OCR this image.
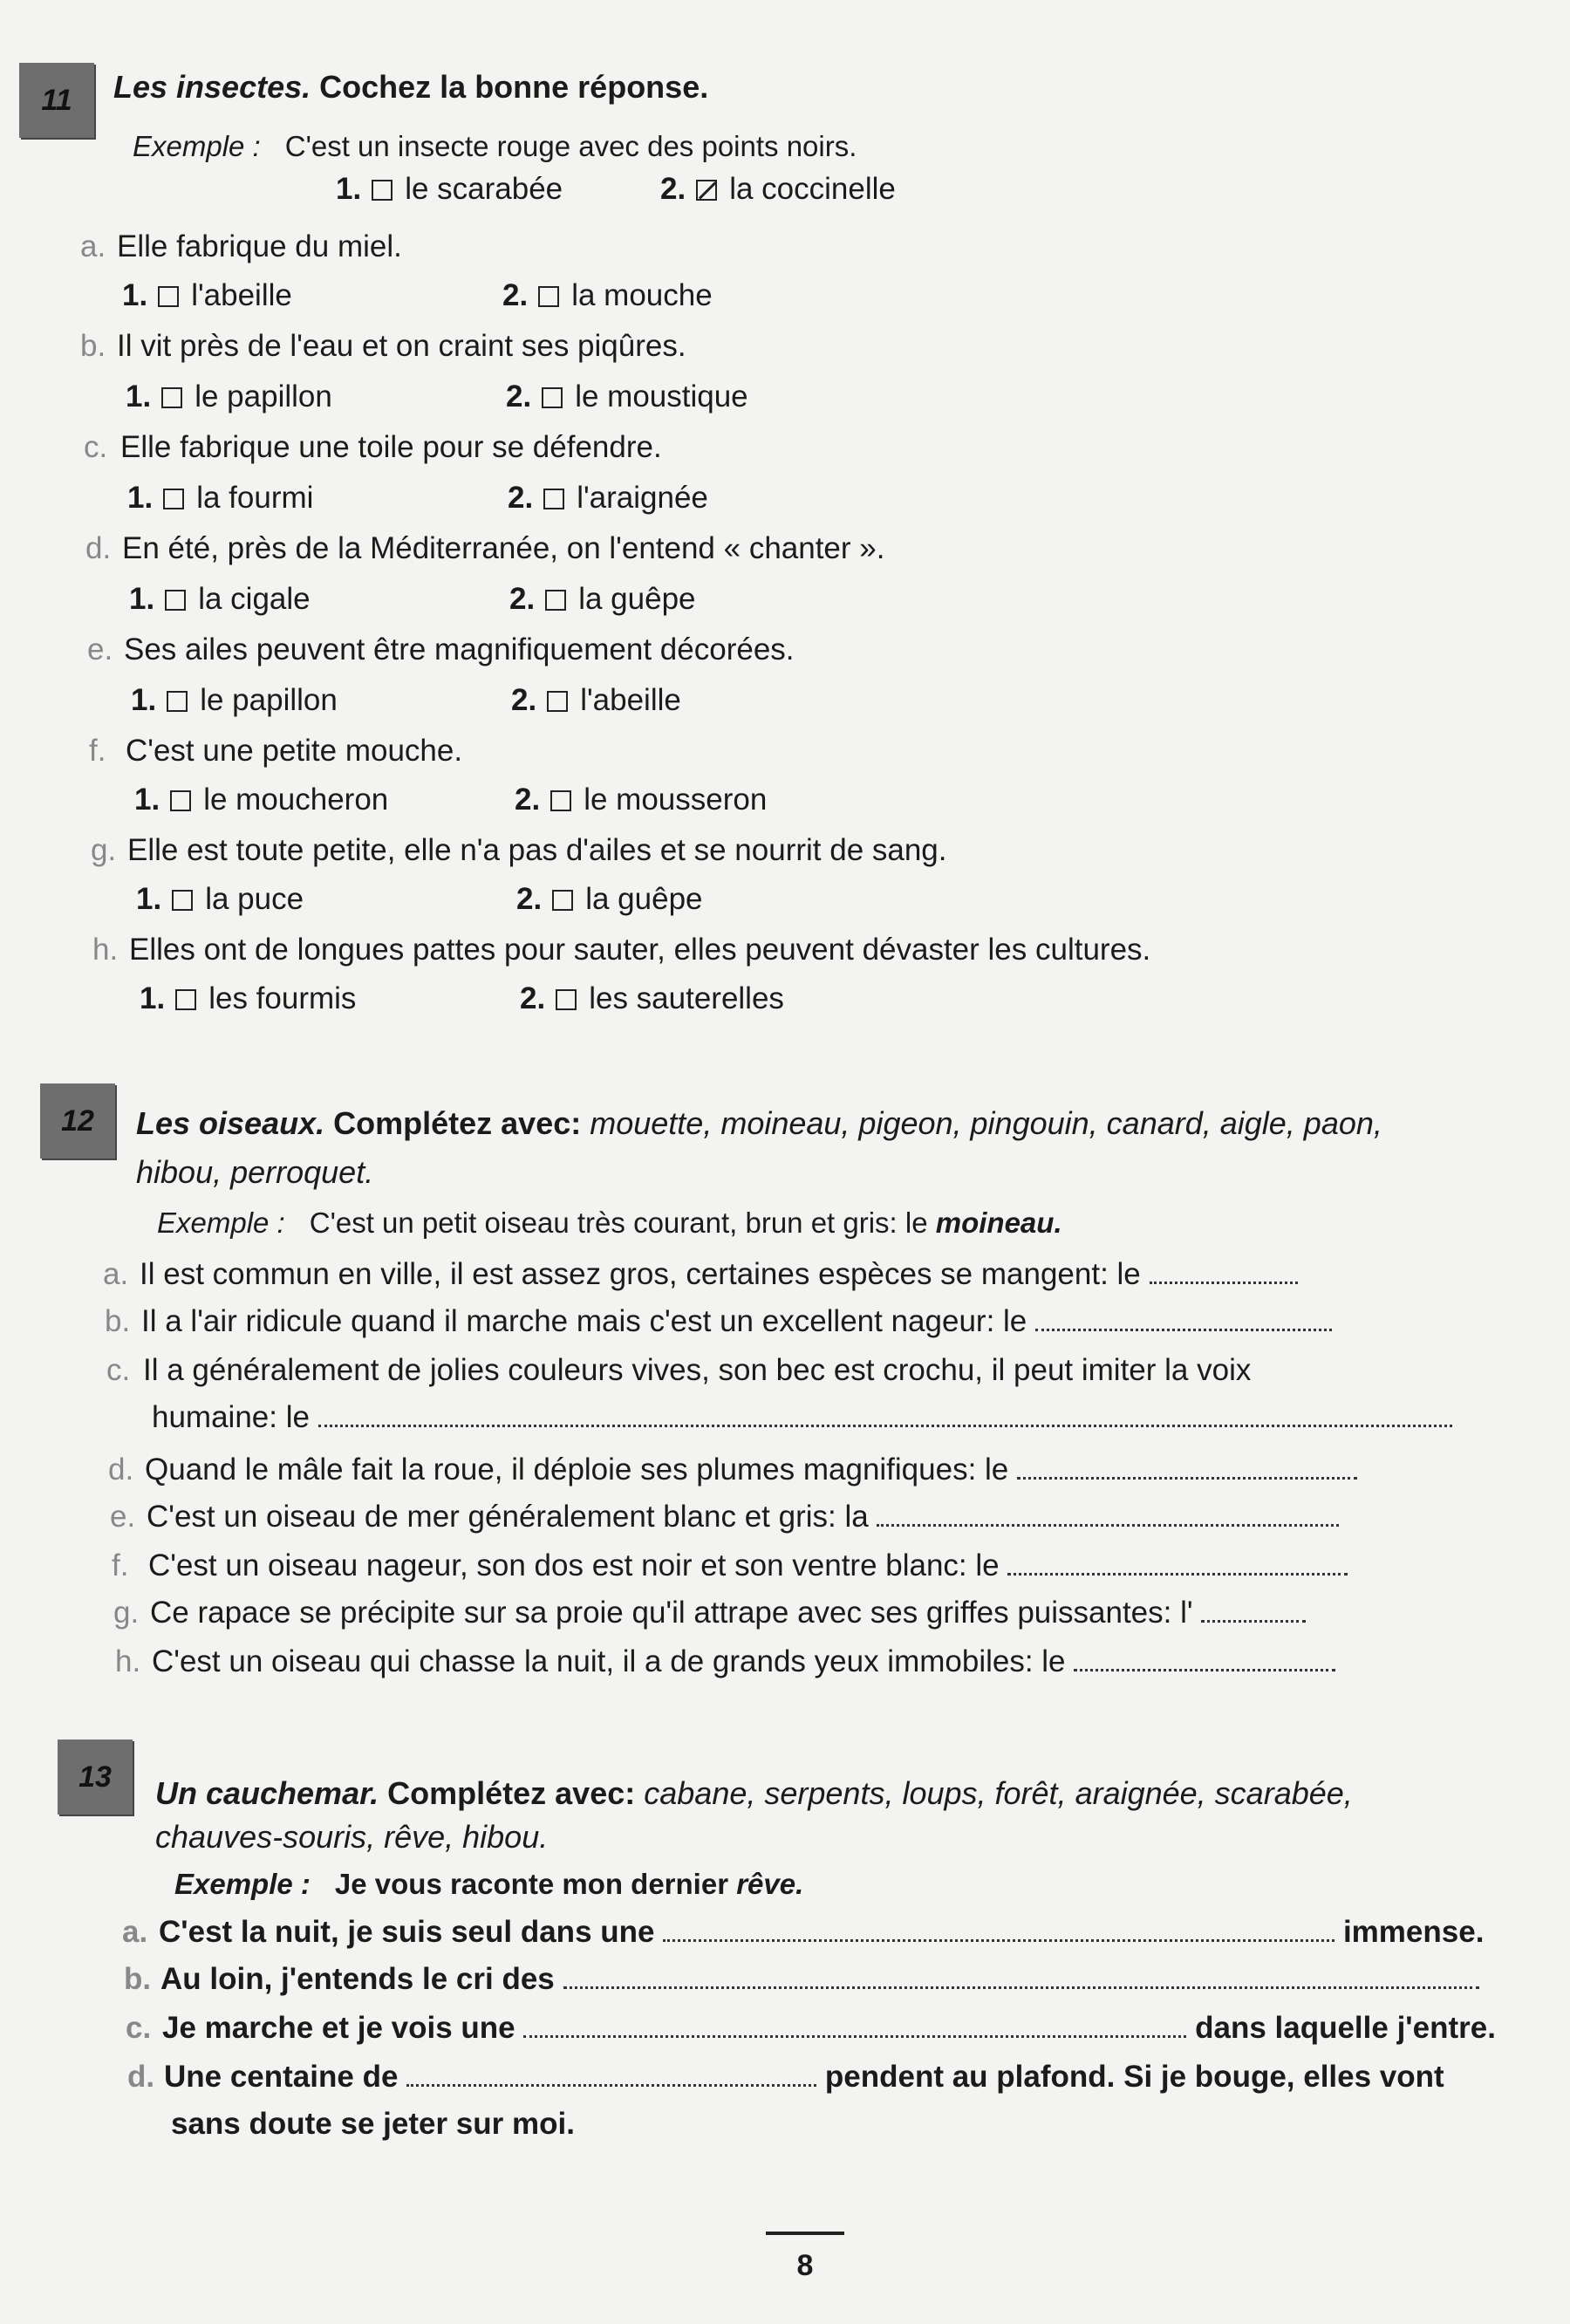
11	Les insectes. Cochez la bonne réponse.
Exemple : C'est un insecte rouge avec des points noirs.
1. le scarabée	2. la coccinelle
a. Elle fabrique du miel.
1. l'abeille	2. la mouche
b. Il vit près de l'eau et on craint ses piqûres.
1. le papillon	2. le moustique
c. Elle fabrique une toile pour se défendre.
1. la fourmi	2. l'araignée
d. En été, près de la Méditerranée, on l'entend « chanter ».
1. la cigale	2. la guêpe
e. Ses ailes peuvent être magnifiquement décorées.
1. le papillon	2. l'abeille
f. C'est une petite mouche.
1. le moucheron	2. le mousseron
g. Elle est toute petite, elle n'a pas d'ailes et se nourrit de sang.
1. la puce	2. la guêpe
h. Elles ont de longues pattes pour sauter, elles peuvent dévaster les cultures.
1. les fourmis	2. les sauterelles
12	Les oiseaux. Complétez avec: mouette, moineau, pigeon, pingouin, canard, aigle, paon,
hibou, perroquet.
Exemple : C'est un petit oiseau très courant, brun et gris: le moineau.
a. Il est commun en ville, il est assez gros, certaines espèces se mangent: le
b. Il a l'air ridicule quand il marche mais c'est un excellent nageur: le
c. Il a généralement de jolies couleurs vives, son bec est crochu, il peut imiter la voix
humaine: le
d. Quand le mâle fait la roue, il déploie ses plumes magnifiques: le
e. C'est un oiseau de mer généralement blanc et gris: la
f. C'est un oiseau nageur, son dos est noir et son ventre blanc: le
g. Ce rapace se précipite sur sa proie qu'il attrape avec ses griffes puissantes: l'
h. C'est un oiseau qui chasse la nuit, il a de grands yeux immobiles: le
13	Un cauchemar. Complétez avec: cabane, serpents, loups, forêt, araignée, scarabée,
chauves-souris, rêve, hibou.
Exemple : Je vous raconte mon dernier rêve.
a. C'est la nuit, je suis seul dans une	immense.
b. Au loin, j'entends le cri des
c. Je marche et je vois une	dans laquelle j'entre.
d. Une centaine de	pendent au plafond. Si je bouge, elles vont
sans doute se jeter sur moi.
8
